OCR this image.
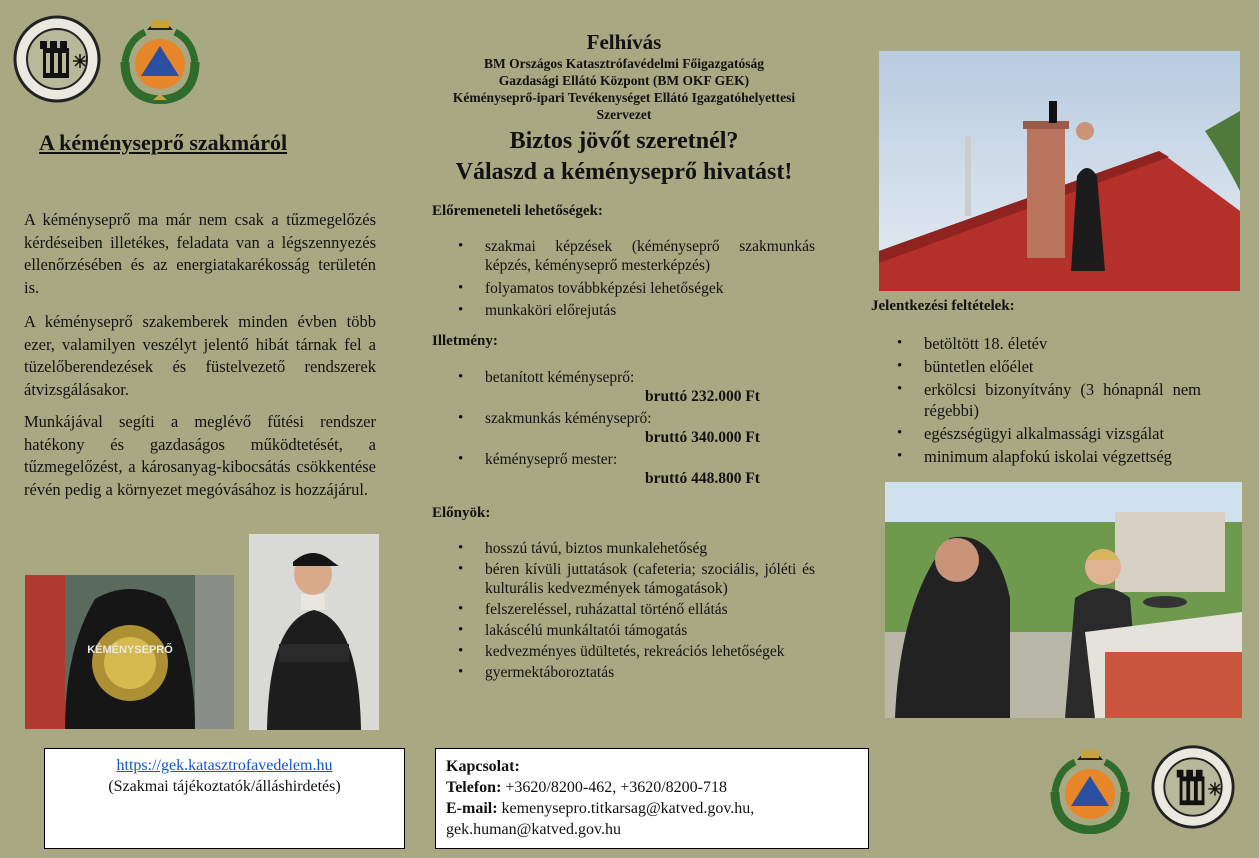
A kéményseprő szakmáról
A kéményseprő ma már nem csak a tűzmegelőzés kérdéseiben illetékes, feladata van a légszennyezés ellenőrzésében és az energiatakarékosság területén is.
A kéményseprő szakemberek minden évben több ezer, valamilyen veszélyt jelentő hibát tárnak fel a tüzelőberendezések és füstelvezető rendszerek átvizsgálásakor.
Munkájával segíti a meglévő fűtési rendszer hatékony és gazdaságos működtetését, a tűzmegelőzést, a károsanyag-kibocsátás csökkentése révén pedig a környezet megóvásához is hozzájárul.
KÉMÉNYSEPRŐ
Felhívás
BM Országos Katasztrófavédelmi Főigazgatóság
Gazdasági Ellátó Központ (BM OKF GEK)
Kéményseprő-ipari Tevékenységet Ellátó Igazgatóhelyettesi
Szervezet
Biztos jövőt szeretnél?
Válaszd a kéményseprő hivatást!
Előremeneteli lehetőségek:
• szakmai képzések (kéményseprő szakmunkás képzés, kéményseprő mesterképzés)
• folyamatos továbbképzési lehetőségek
• munkaköri előrejutás
Illetmény:
• betanított kéményseprő:
bruttó 232.000 Ft
• szakmunkás kéményseprő:
bruttó 340.000 Ft
• kéményseprő mester:
bruttó 448.800 Ft
Előnyök:
• hosszú távú, biztos munkalehetőség
• béren kívüli juttatások (cafeteria; szociális, jóléti és kulturális kedvezmények támogatások)
• felszereléssel, ruházattal történő ellátás
• lakáscélú munkáltatói támogatás
• kedvezményes üdültetés, rekreációs lehetőségek
• gyermektáboroztatás
Jelentkezési feltételek:
• betöltött 18. életév
• büntetlen előélet
• erkölcsi bizonyítvány (3 hónapnál nem régebbi)
• egészségügyi alkalmassági vizsgálat
• minimum alapfokú iskolai végzettség
https://gek.katasztrofavedelem.hu
(Szakmai tájékoztatók/álláshirdetés)
Kapcsolat:
Telefon: +3620/8200-462, +3620/8200-718
E-mail: kemenysepro.titkarsag@katved.gov.hu,
gek.human@katved.gov.hu
